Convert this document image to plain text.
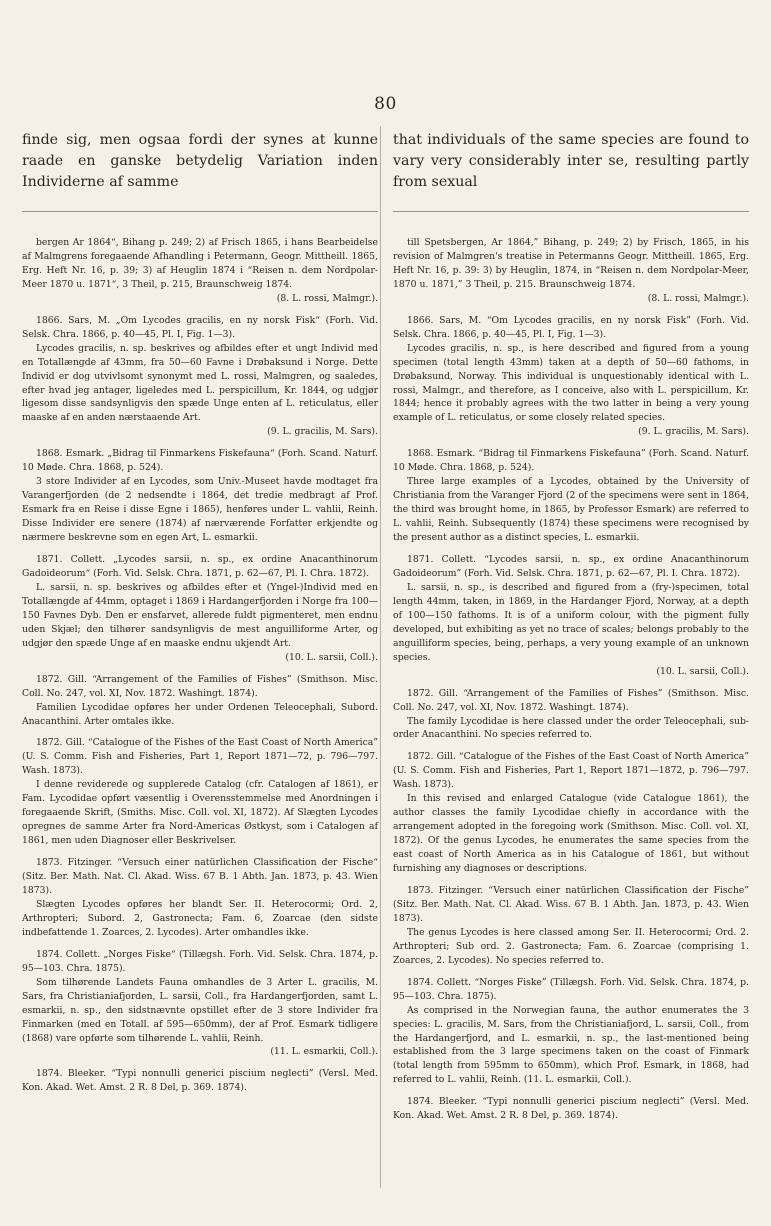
80

finde sig, men ogsaa fordi der synes at kunne raade en ganske betydelig Variation inden Individerne af samme

bergen Ar 1864“, Bihang p. 249; 2) af Frisch 1865, i hans Bearbeidelse af Malmgrens foregaaende Afhandling i Petermann, Geogr. Mittheill. 1865, Erg. Heft Nr. 16, p. 39; 3) af Heuglin 1874 i “Reisen n. dem Nordpolar-Meer 1870 u. 1871“, 3 Theil, p. 215, Braunschweig 1874.

(8. L. rossi, Malmgr.).

1866. Sars, M. „Om Lycodes gracilis, en ny norsk Fisk“ (Forh. Vid. Selsk. Chra. 1866, p. 40—45, Pl. I, Fig. 1—3).

Lycodes gracilis, n. sp. beskrives og afbildes efter et ungt Individ med en Totallængde af 43mm, fra 50—60 Favne i Drøbaksund i Norge. Dette Individ er dog utvivlsomt synonymt med L. rossi, Malmgren, og saaledes, efter hvad jeg antager, ligeledes med L. perspicillum, Kr. 1844, og udgjør ligesom disse sandsynligvis den spæde Unge enten af L. reticulatus, eller maaske af en anden nærstaaende Art.

(9. L. gracilis, M. Sars).

1868. Esmark. „Bidrag til Finmarkens Fiskefauna“ (Forh. Scand. Naturf. 10 Møde. Chra. 1868, p. 524).

3 store Individer af en Lycodes, som Univ.-Museet havde modtaget fra Varangerfjorden (de 2 nedsendte i 1864, det tredie medbragt af Prof. Esmark fra en Reise i disse Egne i 1865), henføres under L. vahlii, Reinh. Disse Individer ere senere (1874) af nærværende Forfatter erkjendte og nærmere beskrevne som en egen Art, L. esmarkii.

1871. Collett. „Lycodes sarsii, n. sp., ex ordine Anacanthinorum Gadoideorum“ (Forh. Vid. Selsk. Chra. 1871, p. 62—67, Pl. I. Chra. 1872).

L. sarsii, n. sp. beskrives og afbildes efter et (Yngel-)Individ med en Totallængde af 44mm, optaget i 1869 i Hardangerfjorden i Norge fra 100—150 Favnes Dyb. Den er ensfarvet, allerede fuldt pigmenteret, men endnu uden Skjæl; den tilhører sandsynligvis de mest anguilliforme Arter, og udgjør den spæde Unge af en maaske endnu ukjendt Art.

(10. L. sarsii, Coll.).

1872. Gill. “Arrangement of the Families of Fishes” (Smithson. Misc. Coll. No. 247, vol. XI, Nov. 1872. Washingt. 1874).

Familien Lycodidae opføres her under Ordenen Teleocephali, Subord. Anacanthini. Arter omtales ikke.

1872. Gill. “Catalogue of the Fishes of the East Coast of North America” (U. S. Comm. Fish and Fisheries, Part 1, Report 1871—72, p. 796—797. Wash. 1873).

I denne reviderede og supplerede Catalog (cfr. Catalogen af 1861), er Fam. Lycodidae opført væsentlig i Overensstemmelse med Anordningen i foregaaende Skrift, (Smiths. Misc. Coll. vol. XI, 1872). Af Slægten Lycodes opregnes de samme Arter fra Nord-Americas Østkyst, som i Catalogen af 1861, men uden Diagnoser eller Beskrivelser.

1873. Fitzinger. “Versuch einer natürlichen Classification der Fische“ (Sitz. Ber. Math. Nat. Cl. Akad. Wiss. 67 B. 1 Abth. Jan. 1873, p. 43. Wien 1873).

Slægten Lycodes opføres her blandt Ser. II. Heterocormi; Ord. 2, Arthropteri; Subord. 2, Gastronecta; Fam. 6, Zoarcae (den sidste indbefattende 1. Zoarces, 2. Lycodes). Arter omhandles ikke.

1874. Collett. „Norges Fiske“ (Tillægsh. Forh. Vid. Selsk. Chra. 1874, p. 95—103. Chra. 1875).

Som tilhørende Landets Fauna omhandles de 3 Arter L. gracilis, M. Sars, fra Christianiafjorden, L. sarsii, Coll., fra Hardangerfjorden, samt L. esmarkii, n. sp., den sidstnævnte opstillet efter de 3 store Individer fra Finmarken (med en Totall. af 595—650mm), der af Prof. Esmark tidligere (1868) vare opførte som tilhørende L. vahlii, Reinh.

(11. L. esmarkii, Coll.).

1874. Bleeker. “Typi nonnulli generici piscium neglecti” (Versl. Med. Kon. Akad. Wet. Amst. 2 R. 8 Del, p. 369. 1874).

that individuals of the same species are found to vary very considerably inter se, resulting partly from sexual

till Spetsbergen, Ar 1864,” Bihang, p. 249; 2) by Frisch, 1865, in his revision of Malmgren's treatise in Petermanns Geogr. Mittheill. 1865, Erg. Heft Nr. 16, p. 39: 3) by Heuglin, 1874, in “Reisen n. dem Nordpolar-Meer, 1870 u. 1871,” 3 Theil, p. 215. Braunschweig 1874.

(8. L. rossi, Malmgr.).

1866. Sars, M. “Om Lycodes gracilis, en ny norsk Fisk” (Forh. Vid. Selsk. Chra. 1866, p. 40—45, Pl. I, Fig. 1—3).

Lycodes gracilis, n. sp., is here described and figured from a young specimen (total length 43mm) taken at a depth of 50—60 fathoms, in Drøbaksund, Norway. This individual is unquestionably identical with L. rossi, Malmgr., and therefore, as I conceive, also with L. perspicillum, Kr. 1844; hence it probably agrees with the two latter in being a very young example of L. reticulatus, or some closely related species.

(9. L. gracilis, M. Sars).

1868. Esmark. “Bidrag til Finmarkens Fiskefauna” (Forh. Scand. Naturf. 10 Møde. Chra. 1868, p. 524).

Three large examples of a Lycodes, obtained by the University of Christiania from the Varanger Fjord (2 of the specimens were sent in 1864, the third was brought home, in 1865, by Professor Esmark) are referred to L. vahlii, Reinh. Subsequently (1874) these specimens were recognised by the present author as a distinct species, L. esmarkii.

1871. Collett. “Lycodes sarsii, n. sp., ex ordine Anacanthinorum Gadoideorum” (Forh. Vid. Selsk. Chra. 1871, p. 62—67, Pl. I. Chra. 1872).

L. sarsii, n. sp., is described and figured from a (fry-)specimen, total length 44mm, taken, in 1869, in the Hardanger Fjord, Norway, at a depth of 100—150 fathoms. It is of a uniform colour, with the pigment fully developed, but exhibiting as yet no trace of scales; belongs probably to the anguilliform species, being, perhaps, a very young example of an unknown species.

(10. L. sarsii, Coll.).

1872. Gill. “Arrangement of the Families of Fishes” (Smithson. Misc. Coll. No. 247, vol. XI, Nov. 1872. Washingt. 1874).

The family Lycodidae is here classed under the order Teleocephali, sub-order Anacanthini. No species referred to.

1872. Gill. “Catalogue of the Fishes of the East Coast of North America” (U. S. Comm. Fish and Fisheries, Part 1, Report 1871—1872, p. 796—797. Wash. 1873).

In this revised and enlarged Catalogue (vide Catalogue 1861), the author classes the family Lycodidae chiefly in accordance with the arrangement adopted in the foregoing work (Smithson. Misc. Coll. vol. XI, 1872). Of the genus Lycodes, he enumerates the same species from the east coast of North America as in his Catalogue of 1861, but without furnishing any diagnoses or descriptions.

1873. Fitzinger. “Versuch einer natürlichen Classification der Fische” (Sitz. Ber. Math. Nat. Cl. Akad. Wiss. 67 B. 1 Abth. Jan. 1873, p. 43. Wien 1873).

The genus Lycodes is here classed among Ser. II. Heterocormi; Ord. 2. Arthropteri; Sub ord. 2. Gastronecta; Fam. 6. Zoarcae (comprising 1. Zoarces, 2. Lycodes). No species referred to.

1874. Collett. “Norges Fiske” (Tillægsh. Forh. Vid. Selsk. Chra. 1874, p. 95—103. Chra. 1875).

As comprised in the Norwegian fauna, the author enumerates the 3 species: L. gracilis, M. Sars, from the Christianiafjord, L. sarsii, Coll., from the Hardangerfjord, and L. esmarkii, n. sp., the last-mentioned being established from the 3 large specimens taken on the coast of Finmark (total length from 595mm to 650mm), which Prof. Esmark, in 1868, had referred to L. vahlii, Reinh. (11. L. esmarkii, Coll.).

1874. Bleeker. “Typi nonnulli generici piscium neglecti” (Versl. Med. Kon. Akad. Wet. Amst. 2 R. 8 Del, p. 369. 1874).
